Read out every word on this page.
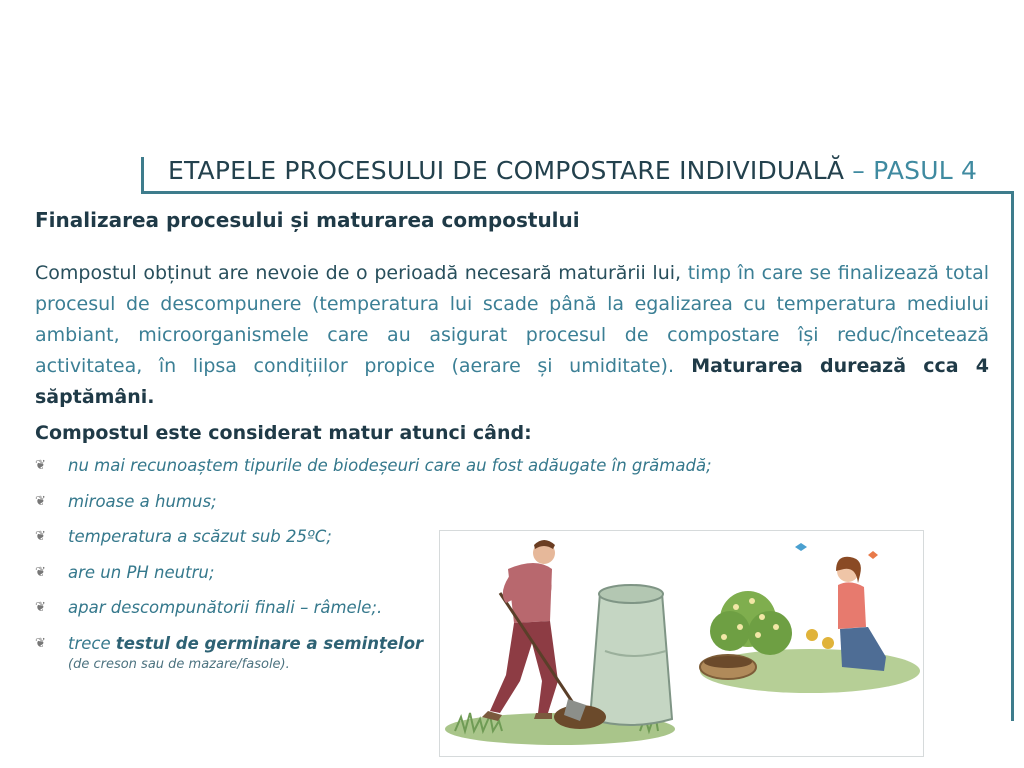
ETAPELE PROCESULUI DE COMPOSTARE INDIVIDUALĂ – PASUL 4
Finalizarea procesului și maturarea compostului
Compostul obținut are nevoie de o perioadă necesară maturării lui, timp în care se finalizează total procesul de descompunere (temperatura lui scade până la egalizarea cu temperatura mediului ambiant, microorganismele care au asigurat procesul de compostare își reduc/încetează activitatea, în lipsa condițiilor propice (aerare și umiditate). Maturarea durează cca 4 săptămâni.
Compostul este considerat matur atunci când:
❦	nu mai recunoaștem tipurile de biodeșeuri care au fost adăugate în grămadă;
❦	miroase a humus;
❦	temperatura a scăzut sub 25ºC;
❦	are un PH neutru;
❦	apar descompunătorii finali – râmele;.
❦	trece testul de germinare a semințelor
(de creson sau de mazare/fasole).
